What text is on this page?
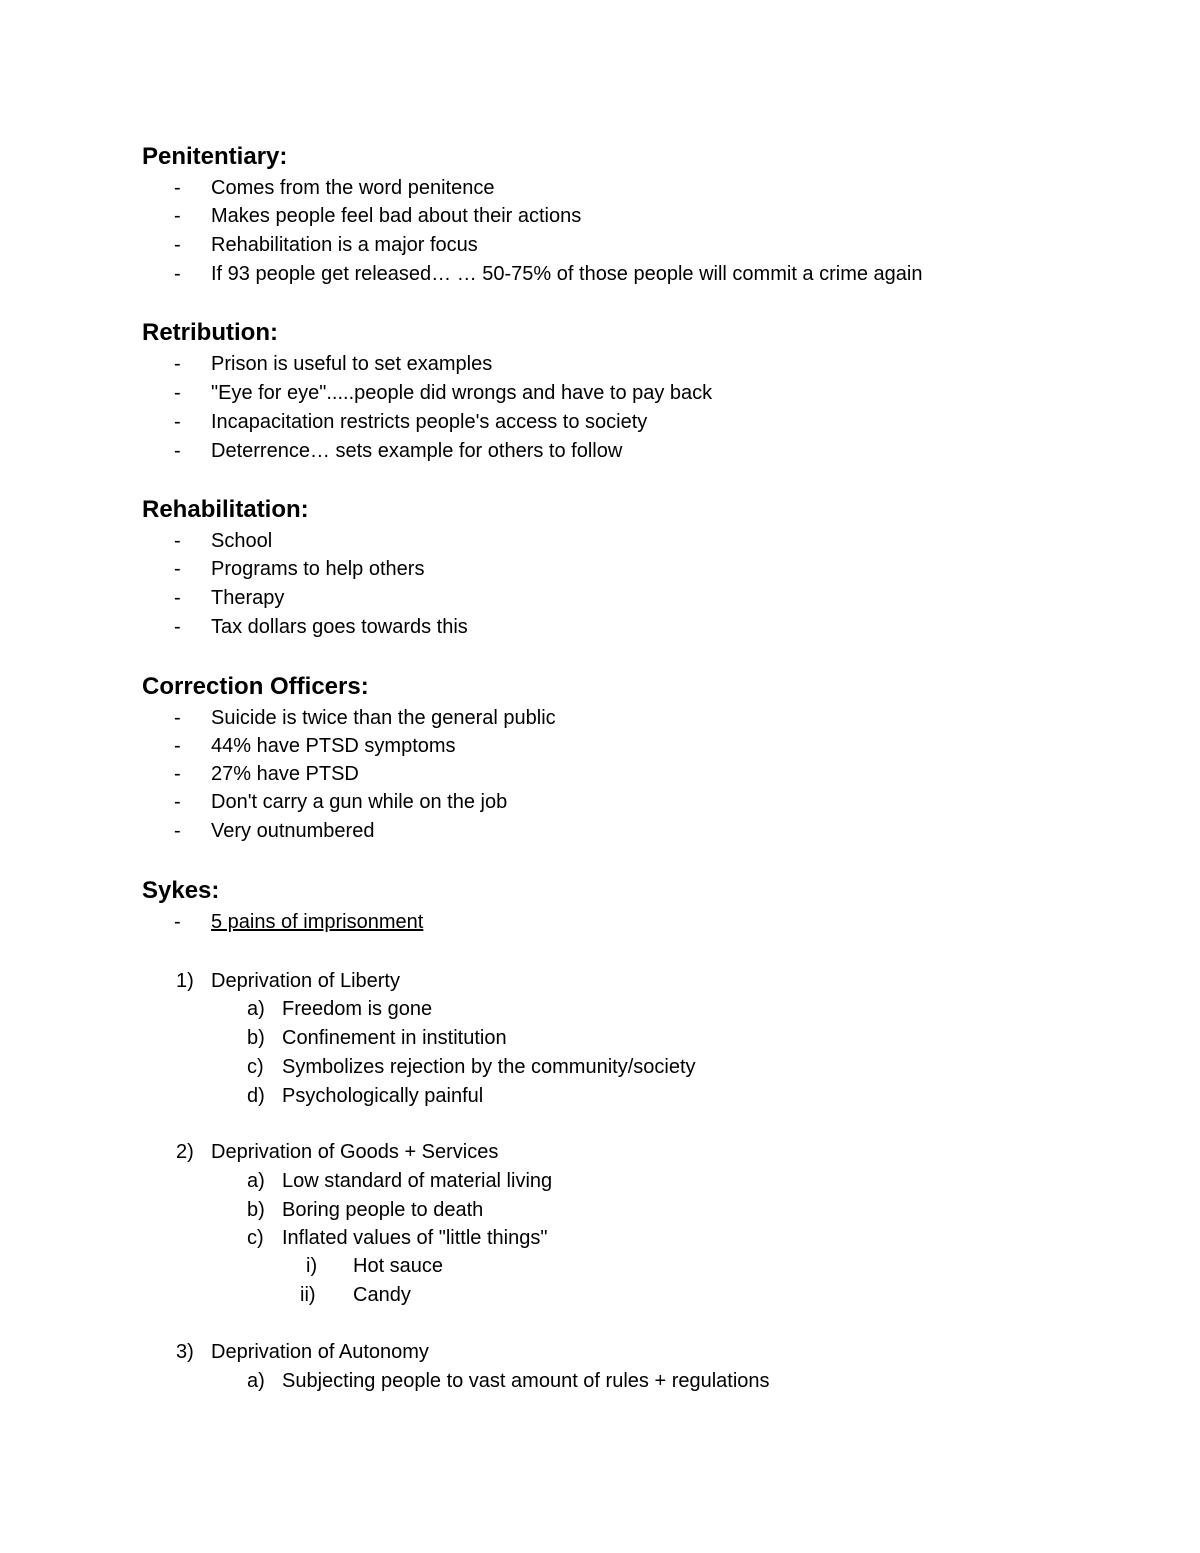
Penitentiary:
- Comes from the word penitence
- Makes people feel bad about their actions
- Rehabilitation is a major focus
- If 93 people get released… … 50-75% of those people will commit a crime again
Retribution:
- Prison is useful to set examples
- "Eye for eye".....people did wrongs and have to pay back
- Incapacitation restricts people's access to society
- Deterrence… sets example for others to follow
Rehabilitation:
- School
- Programs to help others
- Therapy
- Tax dollars goes towards this
Correction Officers:
- Suicide is twice than the general public
- 44% have PTSD symptoms
- 27% have PTSD
- Don't carry a gun while on the job
- Very outnumbered
Sykes:
- 5 pains of imprisonment
1) Deprivation of Liberty
a) Freedom is gone
b) Confinement in institution
c) Symbolizes rejection by the community/society
d) Psychologically painful
2) Deprivation of Goods + Services
a) Low standard of material living
b) Boring people to death
c) Inflated values of "little things"
i) Hot sauce
ii) Candy
3) Deprivation of Autonomy
a) Subjecting people to vast amount of rules + regulations
